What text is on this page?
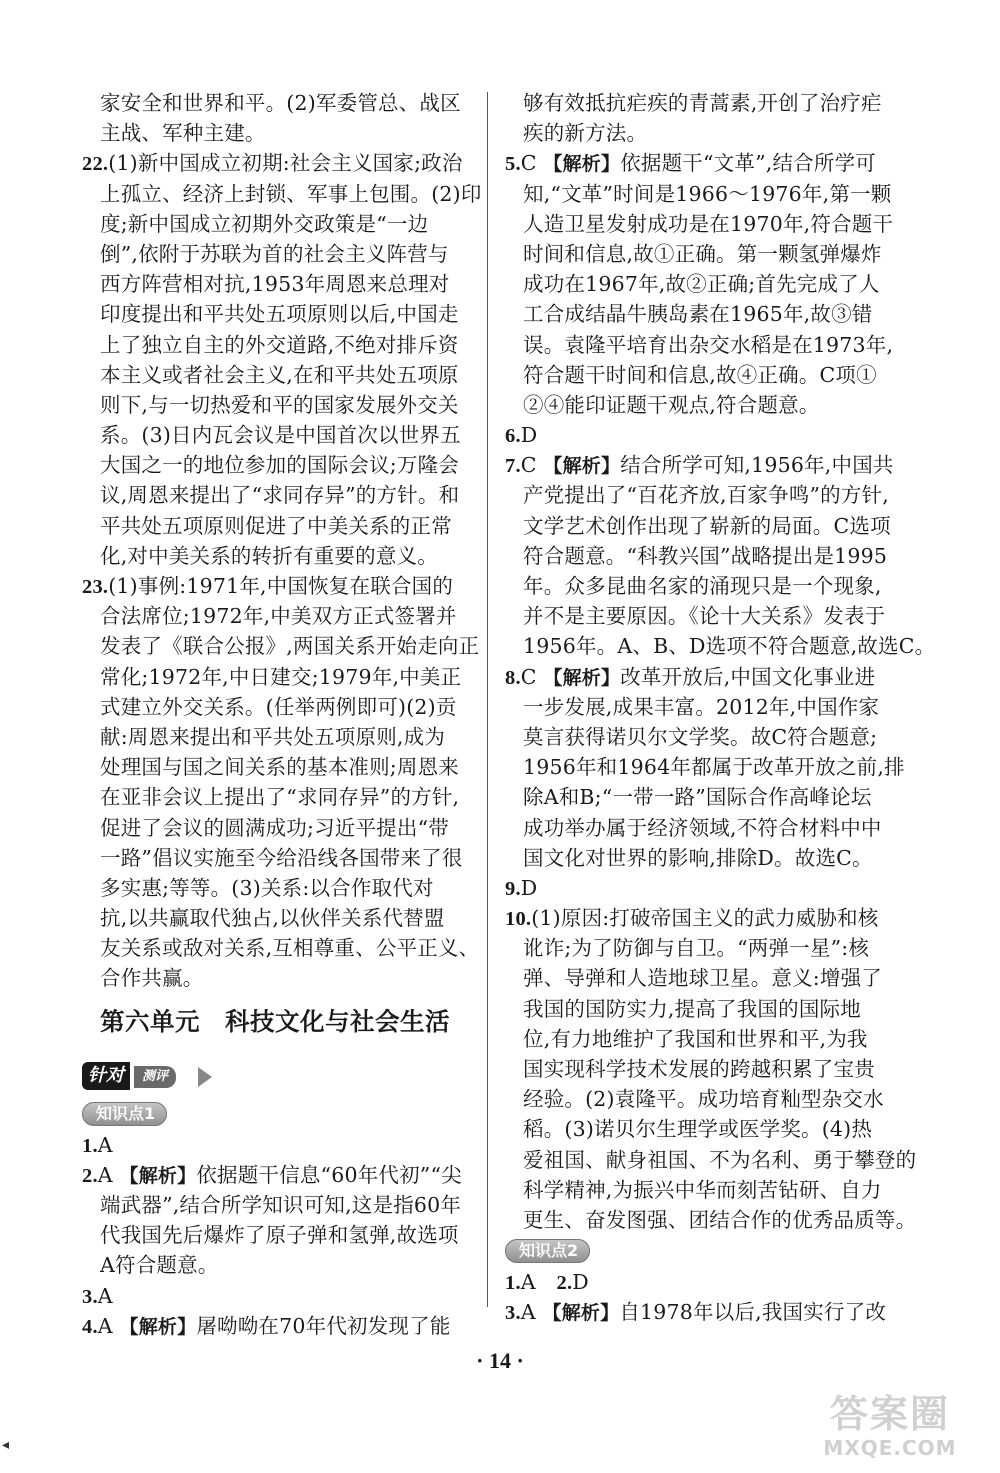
家安全和世界和平。(2)军委管总、战区
主战、军种主建。
22.(1)新中国成立初期:社会主义国家;政治
上孤立、经济上封锁、军事上包围。(2)印
度;新中国成立初期外交政策是“一边
倒”,依附于苏联为首的社会主义阵营与
西方阵营相对抗,1953年周恩来总理对
印度提出和平共处五项原则以后,中国走
上了独立自主的外交道路,不绝对排斥资
本主义或者社会主义,在和平共处五项原
则下,与一切热爱和平的国家发展外交关
系。(3)日内瓦会议是中国首次以世界五
大国之一的地位参加的国际会议;万隆会
议,周恩来提出了“求同存异”的方针。和
平共处五项原则促进了中美关系的正常
化,对中美关系的转折有重要的意义。
23.(1)事例:1971年,中国恢复在联合国的
合法席位;1972年,中美双方正式签署并
发表了《联合公报》,两国关系开始走向正
常化;1972年,中日建交;1979年,中美正
式建立外交关系。(任举两例即可)(2)贡
献:周恩来提出和平共处五项原则,成为
处理国与国之间关系的基本准则;周恩来
在亚非会议上提出了“求同存异”的方针,
促进了会议的圆满成功;习近平提出“带
一路”倡议实施至今给沿线各国带来了很
多实惠;等等。(3)关系:以合作取代对
抗,以共赢取代独占,以伙伴关系代替盟
友关系或敌对关系,互相尊重、公平正义、
合作共赢。
第六单元　科技文化与社会生活
针对	测评
知识点1
1.A
2.A 【解析】依据题干信息“60年代初”“尖
端武器”,结合所学知识可知,这是指60年
代我国先后爆炸了原子弹和氢弹,故选项
A符合题意。
3.A
4.A 【解析】屠呦呦在70年代初发现了能
够有效抵抗疟疾的青蒿素,开创了治疗疟
疾的新方法。
5.C 【解析】依据题干“文革”,结合所学可
知,“文革”时间是1966～1976年,第一颗
人造卫星发射成功是在1970年,符合题干
时间和信息,故①正确。第一颗氢弹爆炸
成功在1967年,故②正确;首先完成了人
工合成结晶牛胰岛素在1965年,故③错
误。袁隆平培育出杂交水稻是在1973年,
符合题干时间和信息,故④正确。C项①
②④能印证题干观点,符合题意。
6.D
7.C 【解析】结合所学可知,1956年,中国共
产党提出了“百花齐放,百家争鸣”的方针,
文学艺术创作出现了崭新的局面。C选项
符合题意。“科教兴国”战略提出是1995
年。众多昆曲名家的涌现只是一个现象,
并不是主要原因。《论十大关系》发表于
1956年。A、B、D选项不符合题意,故选C。
8.C 【解析】改革开放后,中国文化事业进
一步发展,成果丰富。2012年,中国作家
莫言获得诺贝尔文学奖。故C符合题意;
1956年和1964年都属于改革开放之前,排
除A和B;“一带一路”国际合作高峰论坛
成功举办属于经济领域,不符合材料中中
国文化对世界的影响,排除D。故选C。
9.D
10.(1)原因:打破帝国主义的武力威胁和核
讹诈;为了防御与自卫。“两弹一星”:核
弹、导弹和人造地球卫星。意义:增强了
我国的国防实力,提高了我国的国际地
位,有力地维护了我国和世界和平,为我
国实现科学技术发展的跨越积累了宝贵
经验。(2)袁隆平。成功培育籼型杂交水
稻。(3)诺贝尔生理学或医学奖。(4)热
爱祖国、献身祖国、不为名利、勇于攀登的
科学精神,为振兴中华而刻苦钻研、自力
更生、奋发图强、团结合作的优秀品质等。
知识点2
1.A　 2.D
3.A 【解析】自1978年以后,我国实行了改
· 14 ·
答案圈
MXQE.COM
◂
